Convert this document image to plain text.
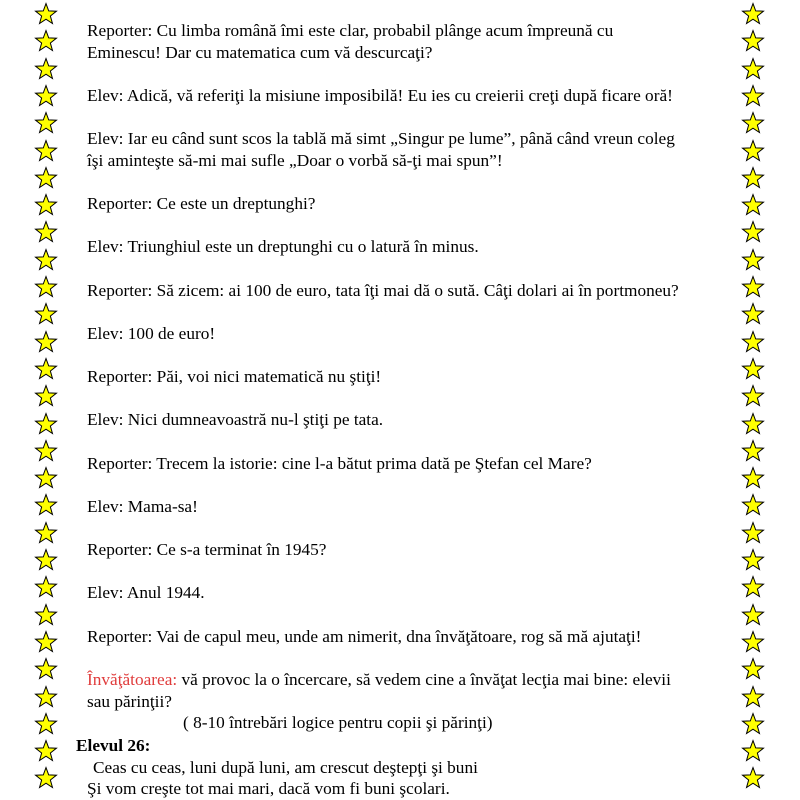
Reporter: Cu limba română îmi este clar, probabil plânge acum împreună cu
Eminescu! Dar cu matematica cum vă descurcaţi?
Elev: Adică, vă referiţi la misiune imposibilă! Eu ies cu creierii creţi după ficare oră!
Elev: Iar eu când sunt scos la tablă mă simt „Singur pe lume”, până când vreun coleg
îşi aminteşte să-mi mai sufle „Doar o vorbă să-ţi mai spun”!
Reporter: Ce este un dreptunghi?
Elev: Triunghiul este un dreptunghi cu o latură în minus.
Reporter: Să zicem: ai 100 de euro, tata îţi mai dă o sută. Câţi dolari ai în portmoneu?
Elev: 100 de euro!
Reporter: Păi, voi nici matematică nu ştiţi!
Elev: Nici dumneavoastră nu-l ştiţi pe tata.
Reporter: Trecem la istorie: cine l-a bătut prima dată pe Ştefan cel Mare?
Elev: Mama-sa!
Reporter: Ce s-a terminat în 1945?
Elev: Anul 1944.
Reporter: Vai de capul meu, unde am nimerit, dna învăţătoare, rog să mă ajutaţi!
Învăţătoarea: vă provoc la o încercare, să vedem cine a învăţat lecţia mai bine: elevii
sau părinţii?
( 8-10 întrebări logice pentru copii şi părinţi)
Elevul 26:
Ceas cu ceas, luni după luni, am crescut deştepţi şi buni
Şi vom creşte tot mai mari, dacă vom fi buni şcolari.
